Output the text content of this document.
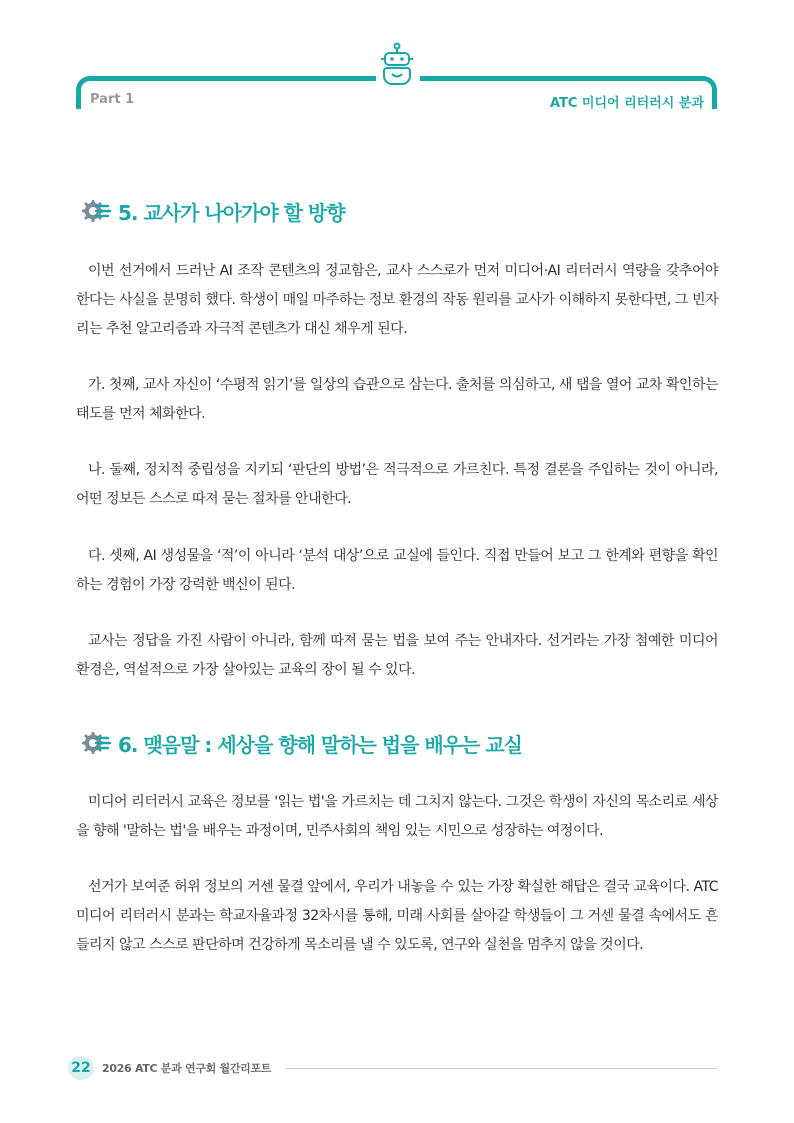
Part 1	ATC 미디어 리터러시 분과
5. 교사가 나아가야 할 방향

이번 선거에서 드러난 AI 조작 콘텐츠의 정교함은, 교사 스스로가 먼저 미디어·AI 리터러시 역량을 갖추어야 한다는 사실을 분명히 했다. 학생이 매일 마주하는 정보 환경의 작동 원리를 교사가 이해하지 못한다면, 그 빈자리는 추천 알고리즘과 자극적 콘텐츠가 대신 채우게 된다.

가. 첫째, 교사 자신이 ‘수평적 읽기’를 일상의 습관으로 삼는다. 출처를 의심하고, 새 탭을 열어 교차 확인하는 태도를 먼저 체화한다.

나. 둘째, 정치적 중립성을 지키되 ‘판단의 방법’은 적극적으로 가르친다. 특정 결론을 주입하는 것이 아니라, 어떤 정보든 스스로 따져 묻는 절차를 안내한다.

다. 셋째, AI 생성물을 ‘적’이 아니라 ‘분석 대상’으로 교실에 들인다. 직접 만들어 보고 그 한계와 편향을 확인하는 경험이 가장 강력한 백신이 된다.

교사는 정답을 가진 사람이 아니라, 함께 따져 묻는 법을 보여 주는 안내자다. 선거라는 가장 첨예한 미디어 환경은, 역설적으로 가장 살아있는 교육의 장이 될 수 있다.

6. 맺음말 : 세상을 향해 말하는 법을 배우는 교실

미디어 리터러시 교육은 정보를 '읽는 법'을 가르치는 데 그치지 않는다. 그것은 학생이 자신의 목소리로 세상을 향해 '말하는 법'을 배우는 과정이며, 민주사회의 책임 있는 시민으로 성장하는 여정이다.

선거가 보여준 허위 정보의 거센 물결 앞에서, 우리가 내놓을 수 있는 가장 확실한 해답은 결국 교육이다. ATC 미디어 리터러시 분과는 학교자율과정 32차시를 통해, 미래 사회를 살아갈 학생들이 그 거센 물결 속에서도 흔들리지 않고 스스로 판단하며 건강하게 목소리를 낼 수 있도록, 연구와 실천을 멈추지 않을 것이다.

22 2026 ATC 분과 연구회 월간리포트
